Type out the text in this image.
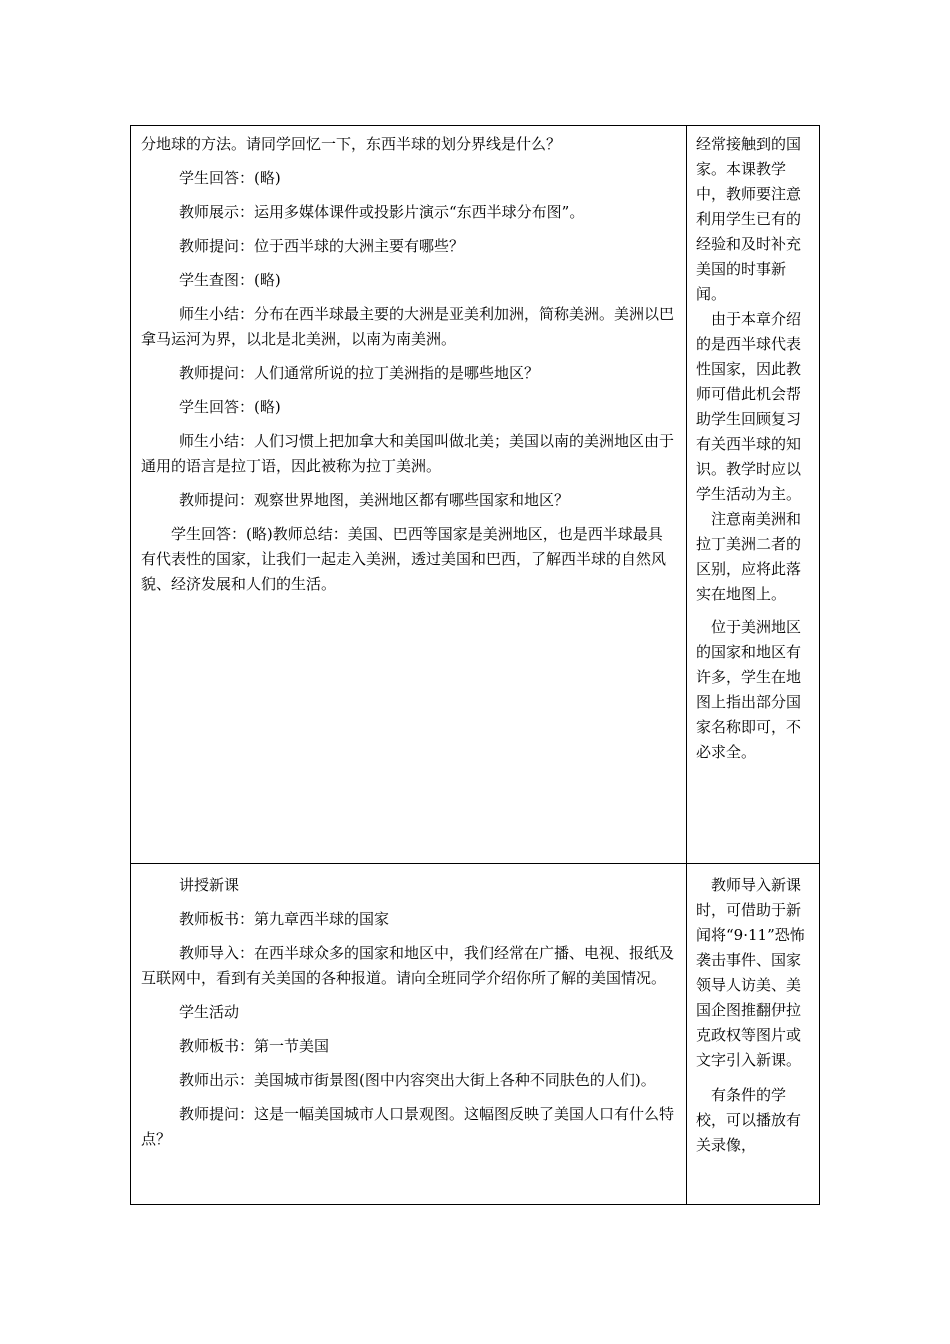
分地球的方法。请同学回忆一下，东西半球的划分界线是什么？

学生回答：(略)

教师展示：运用多媒体课件或投影片演示“东西半球分布图”。

教师提问：位于西半球的大洲主要有哪些？

学生查图：(略)

师生小结：分布在西半球最主要的大洲是亚美利加洲，简称美洲。美洲以巴拿马运河为界，以北是北美洲，以南为南美洲。

教师提问：人们通常所说的拉丁美洲指的是哪些地区？

学生回答：(略)

师生小结：人们习惯上把加拿大和美国叫做北美；美国以南的美洲地区由于通用的语言是拉丁语，因此被称为拉丁美洲。

教师提问：观察世界地图，美洲地区都有哪些国家和地区？

学生回答：(略)教师总结：美国、巴西等国家是美洲地区，也是西半球最具有代表性的国家，让我们一起走入美洲，透过美国和巴西，了解西半球的自然风貌、经济发展和人们的生活。

经常接触到的国家。本课教学中，教师要注意利用学生已有的经验和及时补充美国的时事新闻。

由于本章介绍的是西半球代表性国家，因此教师可借此机会帮助学生回顾复习有关西半球的知识。教学时应以学生活动为主。

注意南美洲和拉丁美洲二者的区别，应将此落实在地图上。

位于美洲地区的国家和地区有许多，学生在地图上指出部分国家名称即可，不必求全。

讲授新课

教师板书：第九章西半球的国家

教师导入：在西半球众多的国家和地区中，我们经常在广播、电视、报纸及互联网中，看到有关美国的各种报道。请向全班同学介绍你所了解的美国情况。

学生活动

教师板书：第一节美国

教师出示：美国城市街景图(图中内容突出大街上各种不同肤色的人们)。

教师提问：这是一幅美国城市人口景观图。这幅图反映了美国人口有什么特点？

教师导入新课时，可借助于新闻将“9·11”恐怖袭击事件、国家领导人访美、美国企图推翻伊拉克政权等图片或文字引入新课。

有条件的学校，可以播放有关录像，
